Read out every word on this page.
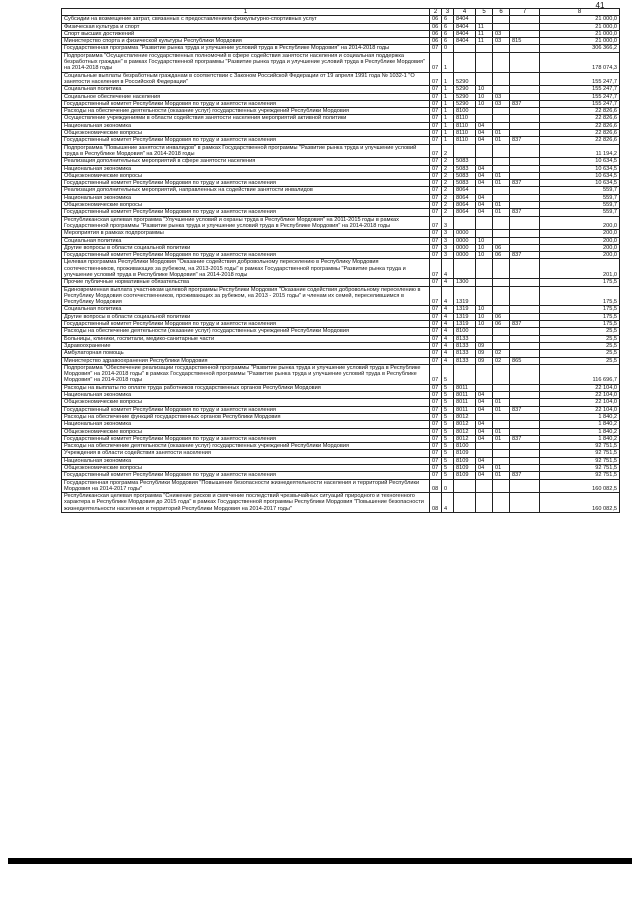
41
1	2	3	4	5	6	7	8
Субсидии на возмещение затрат, связанных с предоставлением физкультурно-спортивных услуг	06	6	8404				21 000,0
Физическая культура и спорт	06	6	8404	11			21 000,0
Спорт высших достижений	06	6	8404	11	03		21 000,0
Министерство спорта и физической культуры Республики Мордовия	06	6	8404	11	03	815	21 000,0
Государственная программа "Развитие рынка труда и улучшение условий труда в Республике Мордовия" на 2014-2018 годы	07	0					306 366,2
Подпрограмма "Осуществление государственных полномочий в сфере содействия занятости населения и социальная поддержка безработных граждан" в рамках Государственной программы "Развитие рынка труда и улучшение условий труда в Республике Мордовия" на 2014-2018 годы	07	1					178 074,3
Социальные выплаты безработным гражданам в соответствии с Законом Российской Федерации от 19 апреля 1991 года № 1032-1 "О занятости населения в Российской Федерации"	07	1	5290				155 247,7
Социальная политика	07	1	5290	10			155 247,7
Социальное обеспечение населения	07	1	5290	10	03		155 247,7
Государственный комитет Республики Мордовия по труду и занятости населения	07	1	5290	10	03	837	155 247,7
Расходы на обеспечение деятельности (оказание услуг) государственных учреждений Республики Мордовия	07	1	8100				22 826,6
Осуществление учреждениями в области содействия занятости населения мероприятий активной политики	07	1	8110				22 826,6
Национальная экономика	07	1	8110	04			22 826,6
Общеэкономические вопросы	07	1	8110	04	01		22 826,6
Государственный комитет Республики Мордовия по труду и занятости населения	07	1	8110	04	01	837	22 826,6
Подпрограмма "Повышение занятости инвалидов" в рамках Государственной программы "Развитие рынка труда и улучшение условий труда в Республике Мордовия" на 2014-2018 годы	07	2					11 194,2
Реализация дополнительных мероприятий в сфере занятости населения	07	2	5083				10 634,5
Национальная экономика	07	2	5083	04			10 634,5
Общеэкономические вопросы	07	2	5083	04	01		10 634,5
Государственный комитет Республики Мордовия по труду и занятости населения	07	2	5083	04	01	837	10 634,5
Реализация дополнительных мероприятий, направленных на содействие занятости инвалидов	07	2	8064				559,7
Национальная экономика	07	2	8064	04			559,7
Общеэкономические вопросы	07	2	8064	04	01		559,7
Государственный комитет Республики Мордовия по труду и занятости населения	07	2	8064	04	01	837	559,7
Республиканская целевая программа "Улучшение условий и охраны труда в Республике Мордовия" на 2011-2015 годы в рамках Государственной программы "Развитие рынка труда и улучшение условий труда в Республике Мордовия" на 2014-2018 годы	07	3					200,0
Мероприятия в рамках подпрограммы	07	3	0000				200,0
Социальная политика	07	3	0000	10			200,0
Другие вопросы в области социальной политики	07	3	0000	10	06		200,0
Государственный комитет Республики Мордовия по труду и занятости населения	07	3	0000	10	06	837	200,0
Целевая программа Республики Мордовия "Оказание содействия добровольному переселению в Республику Мордовия соотечественников, проживающих за рубежом, на 2013-2015 годы" в рамках Государственной программы "Развитие рынка труда и улучшение условий труда в Республике Мордовия" на 2014-2018 годы	07	4					201,0
Прочие публичные нормативные обязательства	07	4	1300				175,5
Единовременная выплата участникам целевой программы Республики Мордовия "Оказание содействия добровольному переселению в Республику Мордовия соотечественников, проживающих за рубежом, на 2013 - 2015 годы" и членам их семей, переселившимся в Республику Мордовия	07	4	1319				175,5
Социальная политика	07	4	1319	10			175,5
Другие вопросы в области социальной политики	07	4	1319	10	06		175,5
Государственный комитет Республики Мордовия по труду и занятости населения	07	4	1319	10	06	837	175,5
Расходы на обеспечение деятельности (оказание услуг) государственных учреждений Республики Мордовия	07	4	8100				25,5
Больницы, клиники, госпитали, медико-санитарные части	07	4	8133				25,5
Здравоохранение	07	4	8133	09			25,5
Амбулаторная помощь	07	4	8133	09	02		25,5
Министерство здравоохранения Республики Мордовия	07	4	8133	09	02	865	25,5
Подпрограмма "Обеспечение реализации государственной программы "Развитие рынка труда и улучшение условий труда в Республике Мордовия" на 2014-2018 годы" в рамках Государственной программы "Развитие рынка труда и улучшение условий труда в Республике Мордовия" на 2014-2018 годы	07	5					116 696,7
Расходы на выплаты по оплате труда работников государственных органов Республики Мордовия	07	5	8011				22 104,0
Национальная экономика	07	5	8011	04			22 104,0
Общеэкономические вопросы	07	5	8011	04	01		22 104,0
Государственный комитет Республики Мордовия по труду и занятости населения	07	5	8011	04	01	837	22 104,0
Расходы на обеспечение функций государственных органов Республики Мордовия	07	5	8012				1 840,2
Национальная экономика	07	5	8012	04			1 840,2
Общеэкономические вопросы	07	5	8012	04	01		1 840,2
Государственный комитет Республики Мордовия по труду и занятости населения	07	5	8012	04	01	837	1 840,2
Расходы на обеспечение деятельности (оказание услуг) государственных учреждений Республики Мордовия	07	5	8100				92 751,5
Учреждения в области содействия занятости населения	07	5	8109				92 751,5
Национальная экономика	07	5	8109	04			92 751,5
Общеэкономические вопросы	07	5	8109	04	01		92 751,5
Государственный комитет Республики Мордовия по труду и занятости населения	07	5	8109	04	01	837	92 751,5
Государственная программа Республики Мордовия "Повышение безопасности жизнедеятельности населения и территорий Республики Мордовия на 2014-2017 годы"	08	0					160 082,5
Республиканская целевая программа "Снижение рисков и смягчение последствий чрезвычайных ситуаций природного и техногенного характера в Республике Мордовия до 2015 года" в рамках Государственной программы Республики Мордовия "Повышение безопасности жизнедеятельности населения и территорий Республики Мордовия на 2014-2017 годы"	08	4					160 082,5
